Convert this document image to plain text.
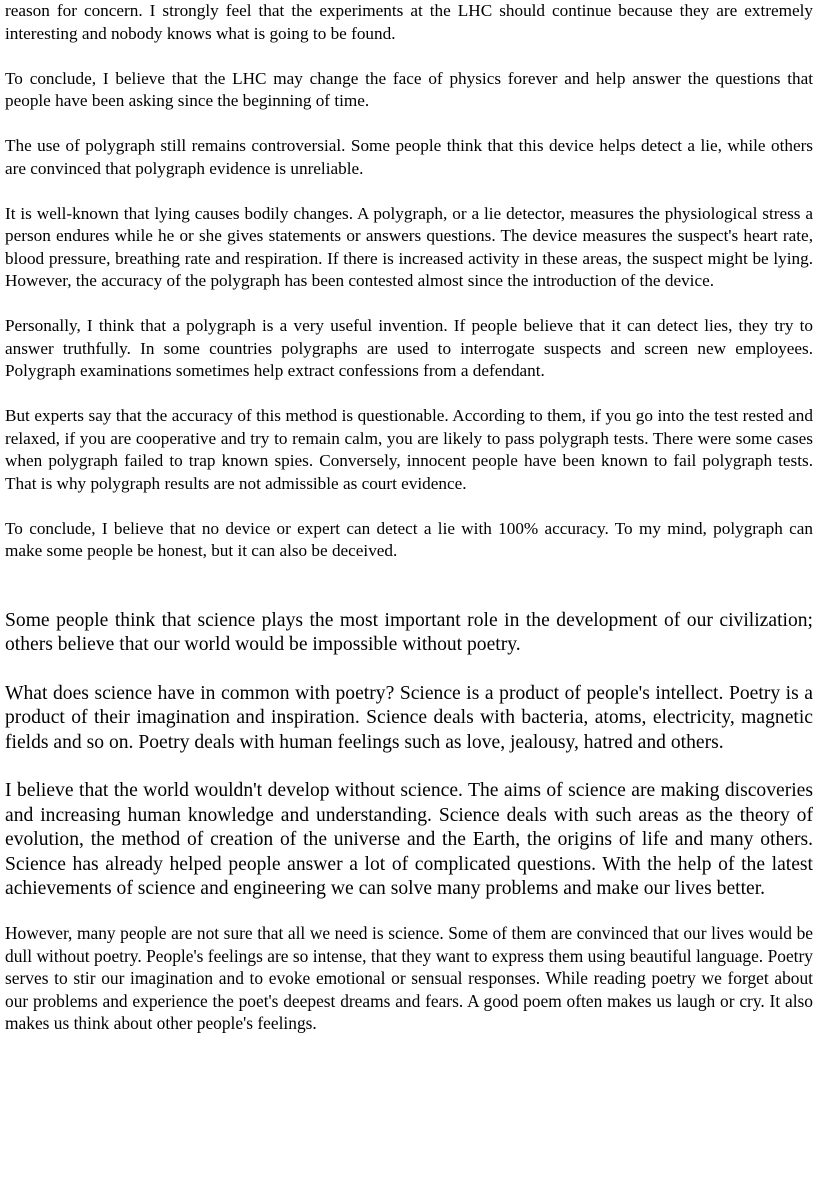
reason for concern. I strongly feel that the experiments at the LHC should continue because they are extremely interesting and nobody knows what is going to be found.

To conclude, I believe that the LHC may change the face of physics forever and help answer the questions that people have been asking since the beginning of time.

The use of polygraph still remains controversial. Some people think that this device helps detect a lie, while others are convinced that polygraph evidence is unreliable.

It is well-known that lying causes bodily changes. A polygraph, or a lie detector, measures the physiological stress a person endures while he or she gives statements or answers questions. The device measures the suspect's heart rate, blood pressure, breathing rate and respiration. If there is increased activity in these areas, the suspect might be lying. However, the accuracy of the polygraph has been contested almost since the introduction of the device.

Personally, I think that a polygraph is a very useful invention. If people believe that it can detect lies, they try to answer truthfully. In some countries polygraphs are used to interrogate suspects and screen new employees. Polygraph examinations sometimes help extract confessions from a defendant.

But experts say that the accuracy of this method is questionable. According to them, if you go into the test rested and relaxed, if you are cooperative and try to remain calm, you are likely to pass polygraph tests. There were some cases when polygraph failed to trap known spies. Conversely, innocent people have been known to fail polygraph tests. That is why polygraph results are not admissible as court evidence.

To conclude, I believe that no device or expert can detect a lie with 100% accuracy. To my mind, polygraph can make some people be honest, but it can also be deceived.

Some people think that science plays the most important role in the development of our civilization; others believe that our world would be impossible without poetry.

What does science have in common with poetry? Science is a product of people's intellect. Poetry is a product of their imagination and inspiration. Science deals with bacteria, atoms, electricity, magnetic fields and so on. Poetry deals with human feelings such as love, jealousy, hatred and others.

I believe that the world wouldn't develop without science. The aims of science are making discoveries and increasing human knowledge and understanding. Science deals with such areas as the theory of evolution, the method of creation of the universe and the Earth, the origins of life and many others. Science has already helped people answer a lot of complicated questions. With the help of the latest achievements of science and engineering we can solve many problems and make our lives better.

However, many people are not sure that all we need is science. Some of them are convinced that our lives would be dull without poetry. People's feelings are so intense, that they want to express them using beautiful language. Poetry serves to stir our imagination and to evoke emotional or sensual responses. While reading poetry we forget about our problems and experience the poet's deepest dreams and fears. A good poem often makes us laugh or cry. It also makes us think about other people's feelings.
